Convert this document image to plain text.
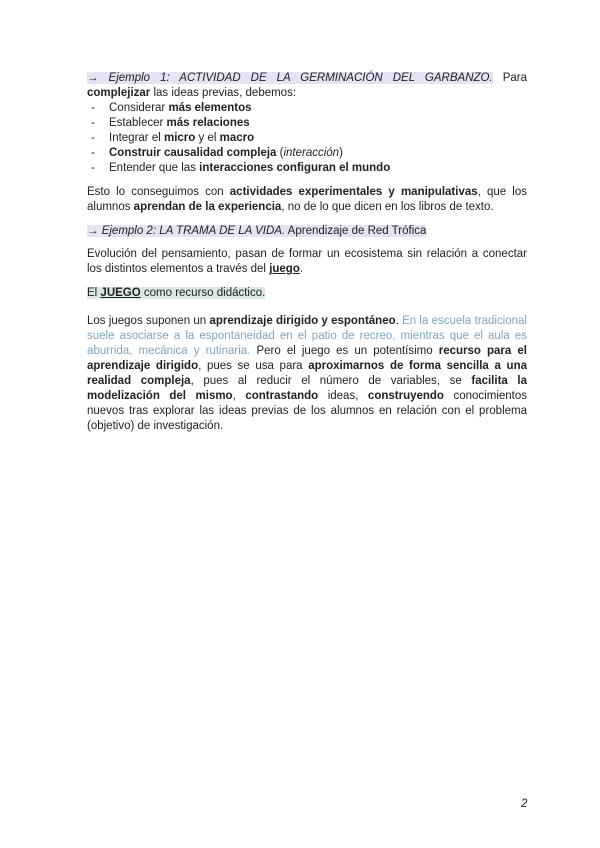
→ Ejemplo 1: ACTIVIDAD DE LA GERMINACIÓN DEL GARBANZO. Para complejizar las ideas previas, debemos:

- Considerar más elementos
- Establecer más relaciones
- Integrar el micro y el macro
- Construir causalidad compleja (interacción)
- Entender que las interacciones configuran el mundo

Esto lo conseguimos con actividades experimentales y manipulativas, que los alumnos aprendan de la experiencia, no de lo que dicen en los libros de texto.

→ Ejemplo 2: LA TRAMA DE LA VIDA. Aprendizaje de Red Trófica

Evolución del pensamiento, pasan de formar un ecosistema sin relación a conectar los distintos elementos a través del juego.

El JUEGO como recurso didáctico.

Los juegos suponen un aprendizaje dirigido y espontáneo. En la escuela tradicional suele asociarse a la espontaneidad en el patio de recreo, mientras que el aula es aburrida, mecánica y rutinaria. Pero el juego es un potentísimo recurso para el aprendizaje dirigido, pues se usa para aproximarnos de forma sencilla a una realidad compleja, pues al reducir el número de variables, se facilita la modelización del mismo, contrastando ideas, construyendo conocimientos nuevos tras explorar las ideas previas de los alumnos en relación con el problema (objetivo) de investigación.

2
